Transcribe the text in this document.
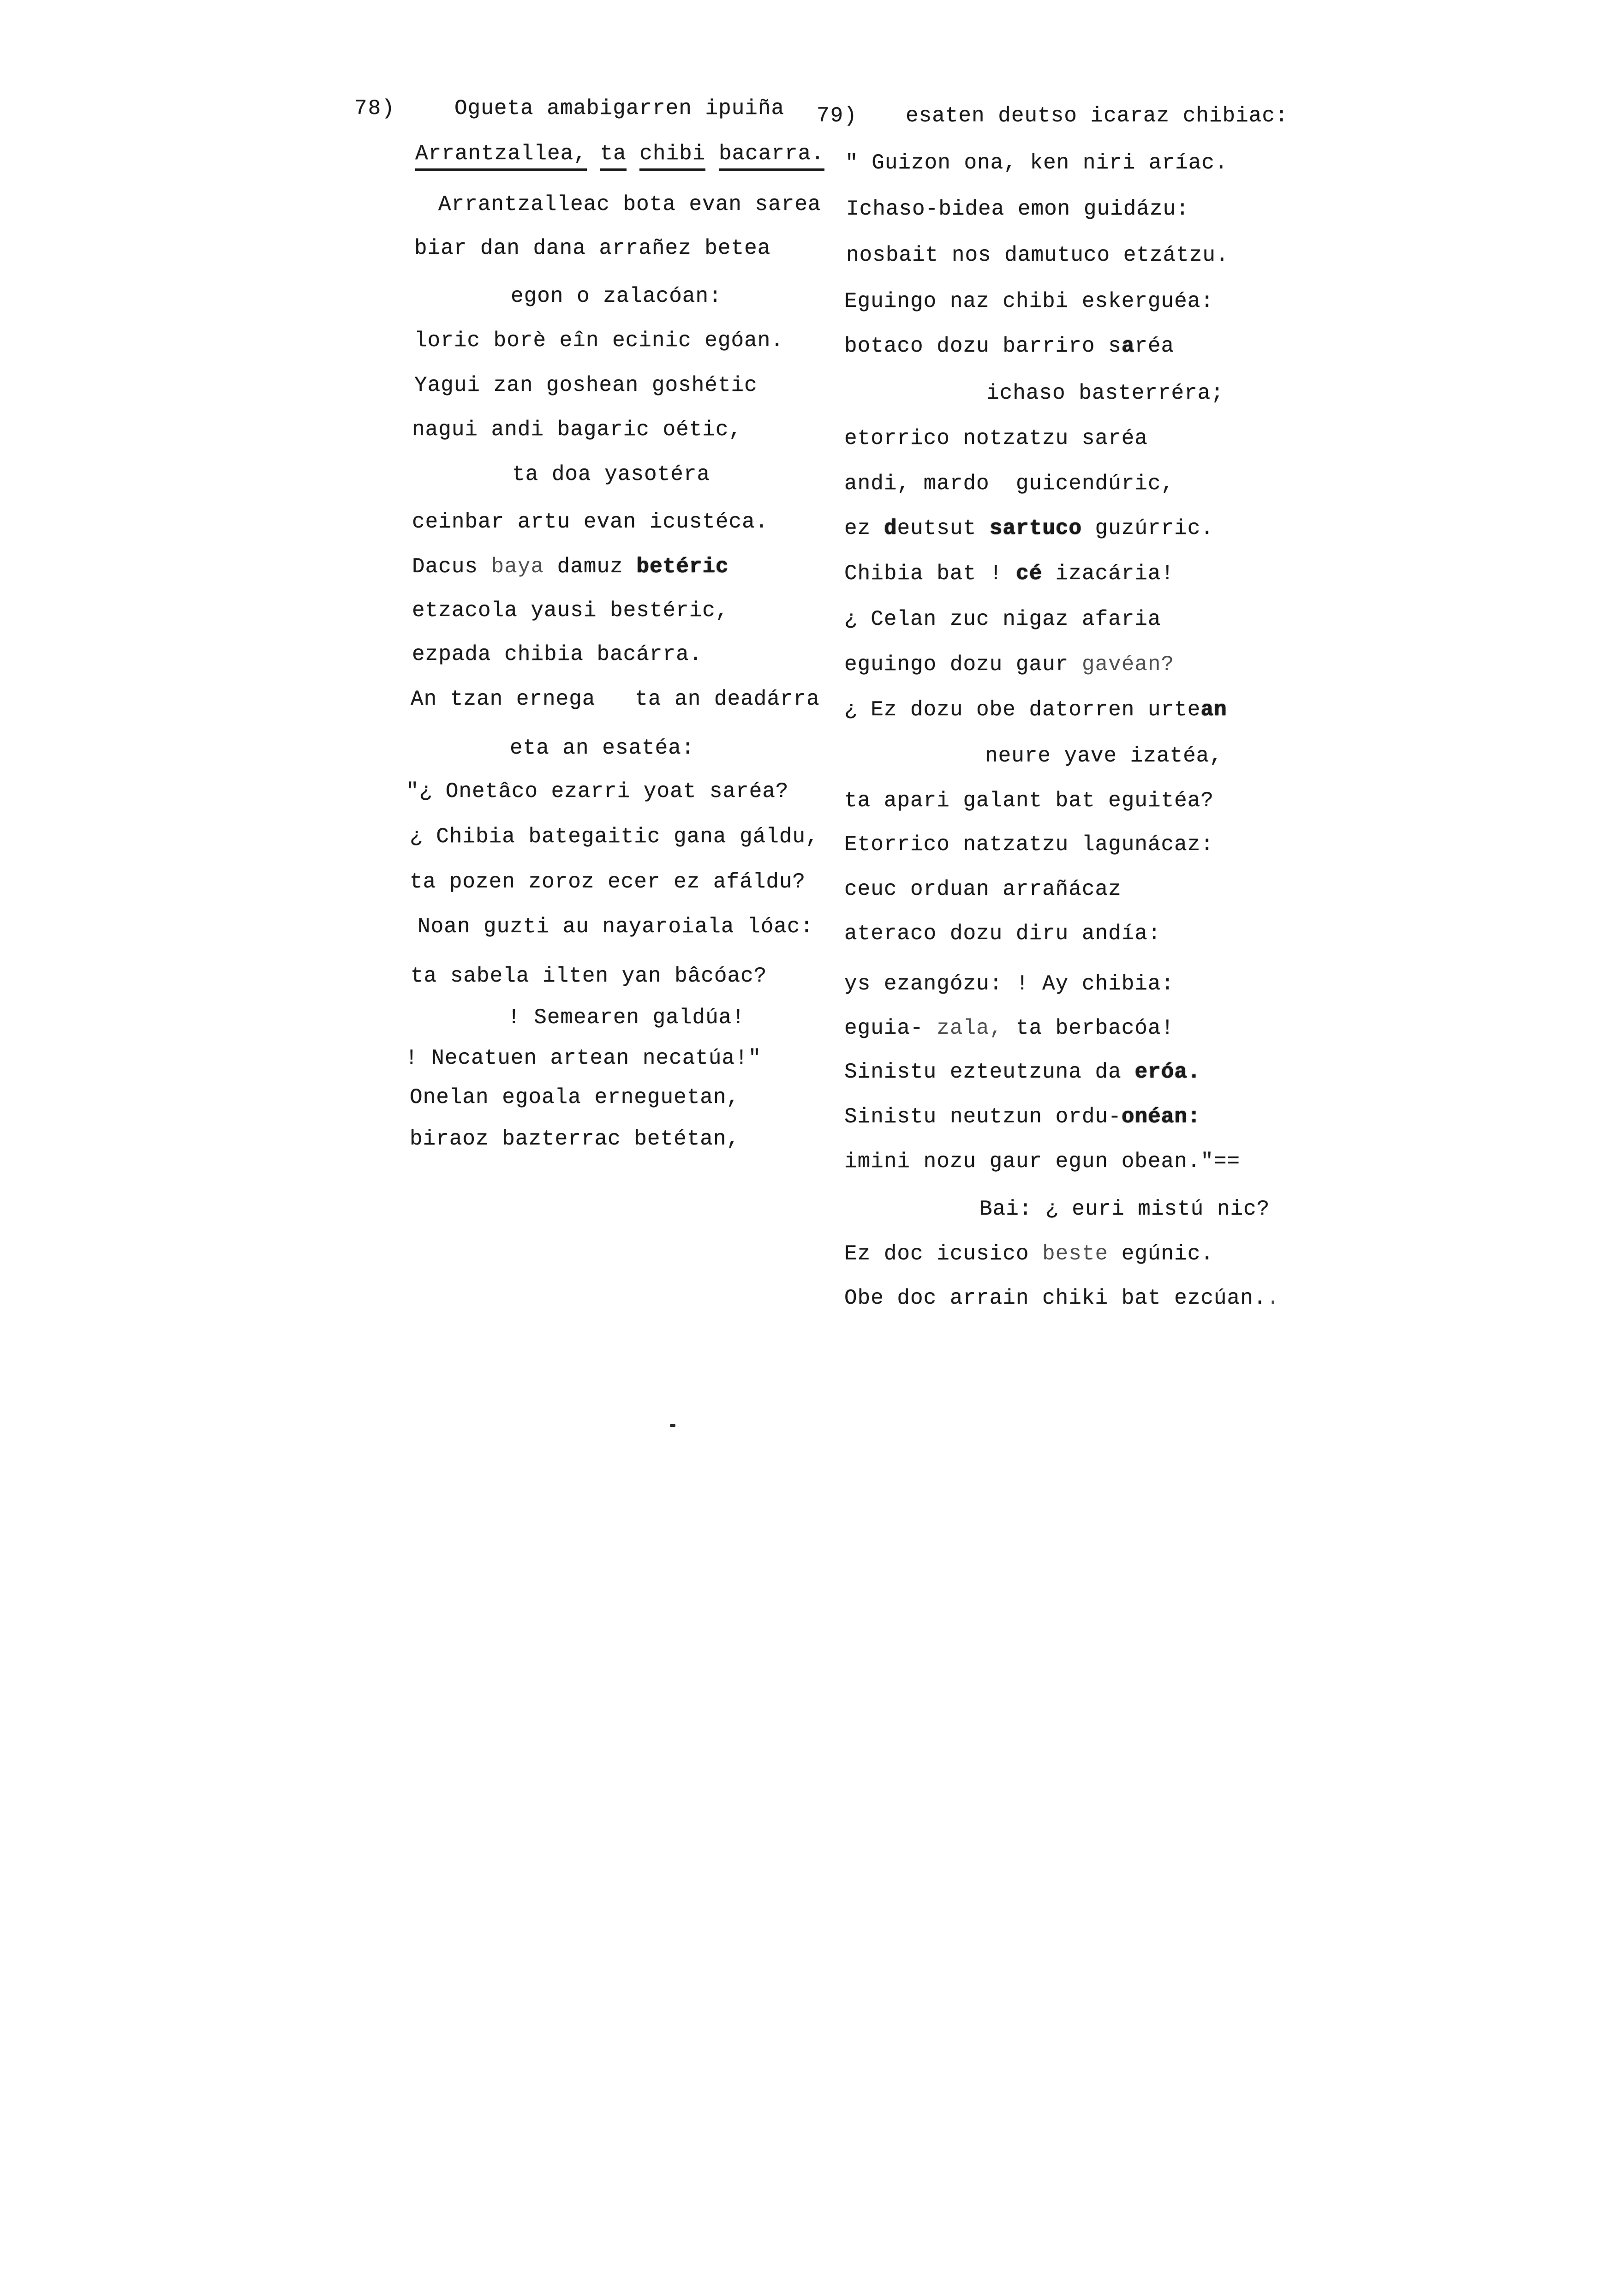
78)	Ogueta amabigarren ipuiña
Arrantzallea, ta chibi bacarra.
Arrantzalleac bota evan sarea
biar dan dana arrañez betea
egon o zalacóan:
loric borè eîn ecinic egóan.
Yagui zan goshean goshétic
nagui andi bagaric oétic,
ta doa yasotéra
ceinbar artu evan icustéca.
Dacus baya damuz betéric
etzacola yausi bestéric,
ezpada chibia bacárra.
An tzan ernega   ta an deadárra
eta an esatéa:
"¿ Onetâco ezarri yoat saréa?
¿ Chibia bategaitic gana gáldu,
ta pozen zoroz ecer ez afáldu?
Noan guzti au nayaroiala lóac:
ta sabela ilten yan bâcóac?
! Semearen galdúa!
! Necatuen artean necatúa!"
Onelan egoala erneguetan,
biraoz bazterrac betétan,
79) esaten deutso icaraz chibiac:
" Guizon ona, ken niri aríac.
Ichaso-bidea emon guidázu:
nosbait nos damutuco etzátzu.
Eguingo naz chibi eskerguéa:
botaco dozu barriro saréa
ichaso basterréra;
etorrico notzatzu saréa
andi, mardo  guicendúric,
ez deutsut sartuco guzúrric.
Chibia bat ! cé izacária!
¿ Celan zuc nigaz afaria
eguingo dozu gaur gavéan?
¿ Ez dozu obe datorren urtean
neure yave izatéa,
ta apari galant bat eguitéa?
Etorrico natzatzu lagunácaz:
ceuc orduan arrañácaz
ateraco dozu diru andía:
ys ezangózu: ! Ay chibia:
eguia- zala, ta berbacóa!
Sinistu ezteutzuna da eróa.
Sinistu neutzun ordu-onéan:
imini nozu gaur egun obean."==
Bai: ¿ euri mistú nic?
Ez doc icusico beste egúnic.
Obe doc arrain chiki bat ezcúan..
